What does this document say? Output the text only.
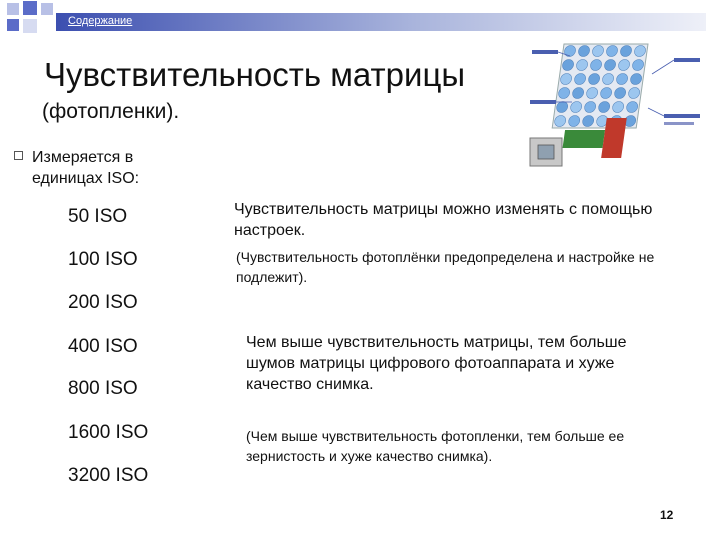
Содержание
Чувствительность матрицы
(фотопленки).
Измеряется в единицах ISO:
50 ISO
100 ISO
200 ISO
400 ISO
800 ISO
1600 ISO
3200 ISO
Чувствительность матрицы можно изменять с помощью настроек.
(Чувствительность фотоплёнки предопределена и настройке не подлежит).
Чем выше чувствительность матрицы, тем больше шумов матрицы цифрового фотоаппарата и хуже качество снимка.
(Чем выше чувствительность фотопленки, тем больше ее зернистость и хуже качество снимка).
12
